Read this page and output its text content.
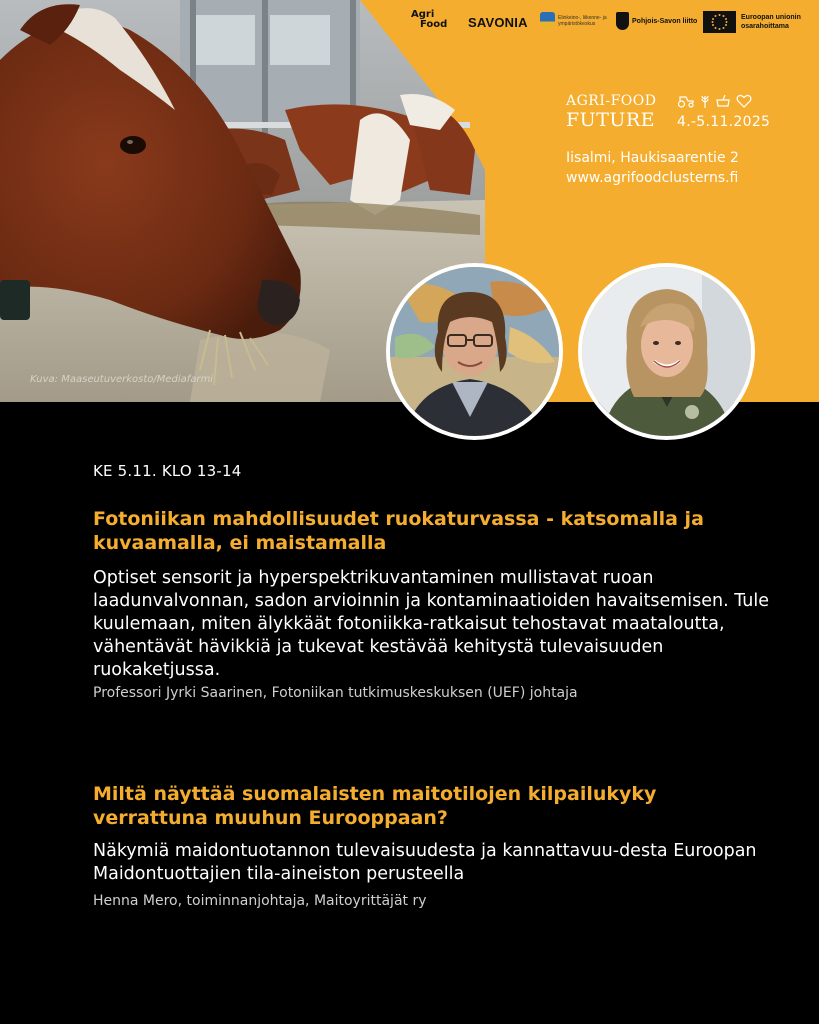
Agri
Food SAVONIA	Elinkeino-, liikenne- ja ympäristökeskus	Pohjois-Savon liitto	Euroopan unionin
osarahoittama
AGRI-FOOD
FUTURE	4.-5.11.2025
Iisalmi, Haukisaarentie 2
www.agrifoodclusterns.fi
Kuva: Maaseutuverkosto/Mediafarmi
KE 5.11. KLO 13-14
Fotoniikan mahdollisuudet ruokaturvassa - katsomalla ja kuvaamalla, ei maistamalla
Optiset sensorit ja hyperspektrikuvantaminen mullistavat ruoan laadunvalvonnan, sadon arvioinnin ja kontaminaatioiden havaitsemisen. Tule kuulemaan, miten älykkäät fotoniikka-ratkaisut tehostavat maataloutta, vähentävät hävikkiä ja tukevat kestävää kehitystä tulevaisuuden ruokaketjussa.
Professori Jyrki Saarinen, Fotoniikan tutkimuskeskuksen (UEF) johtaja
Miltä näyttää suomalaisten maitotilojen kilpailukyky verrattuna muuhun Eurooppaan?
Näkymiä maidontuotannon tulevaisuudesta ja kannattavuu-desta Euroopan Maidontuottajien tila-aineiston perusteella
Henna Mero, toiminnanjohtaja, Maitoyrittäjät ry
